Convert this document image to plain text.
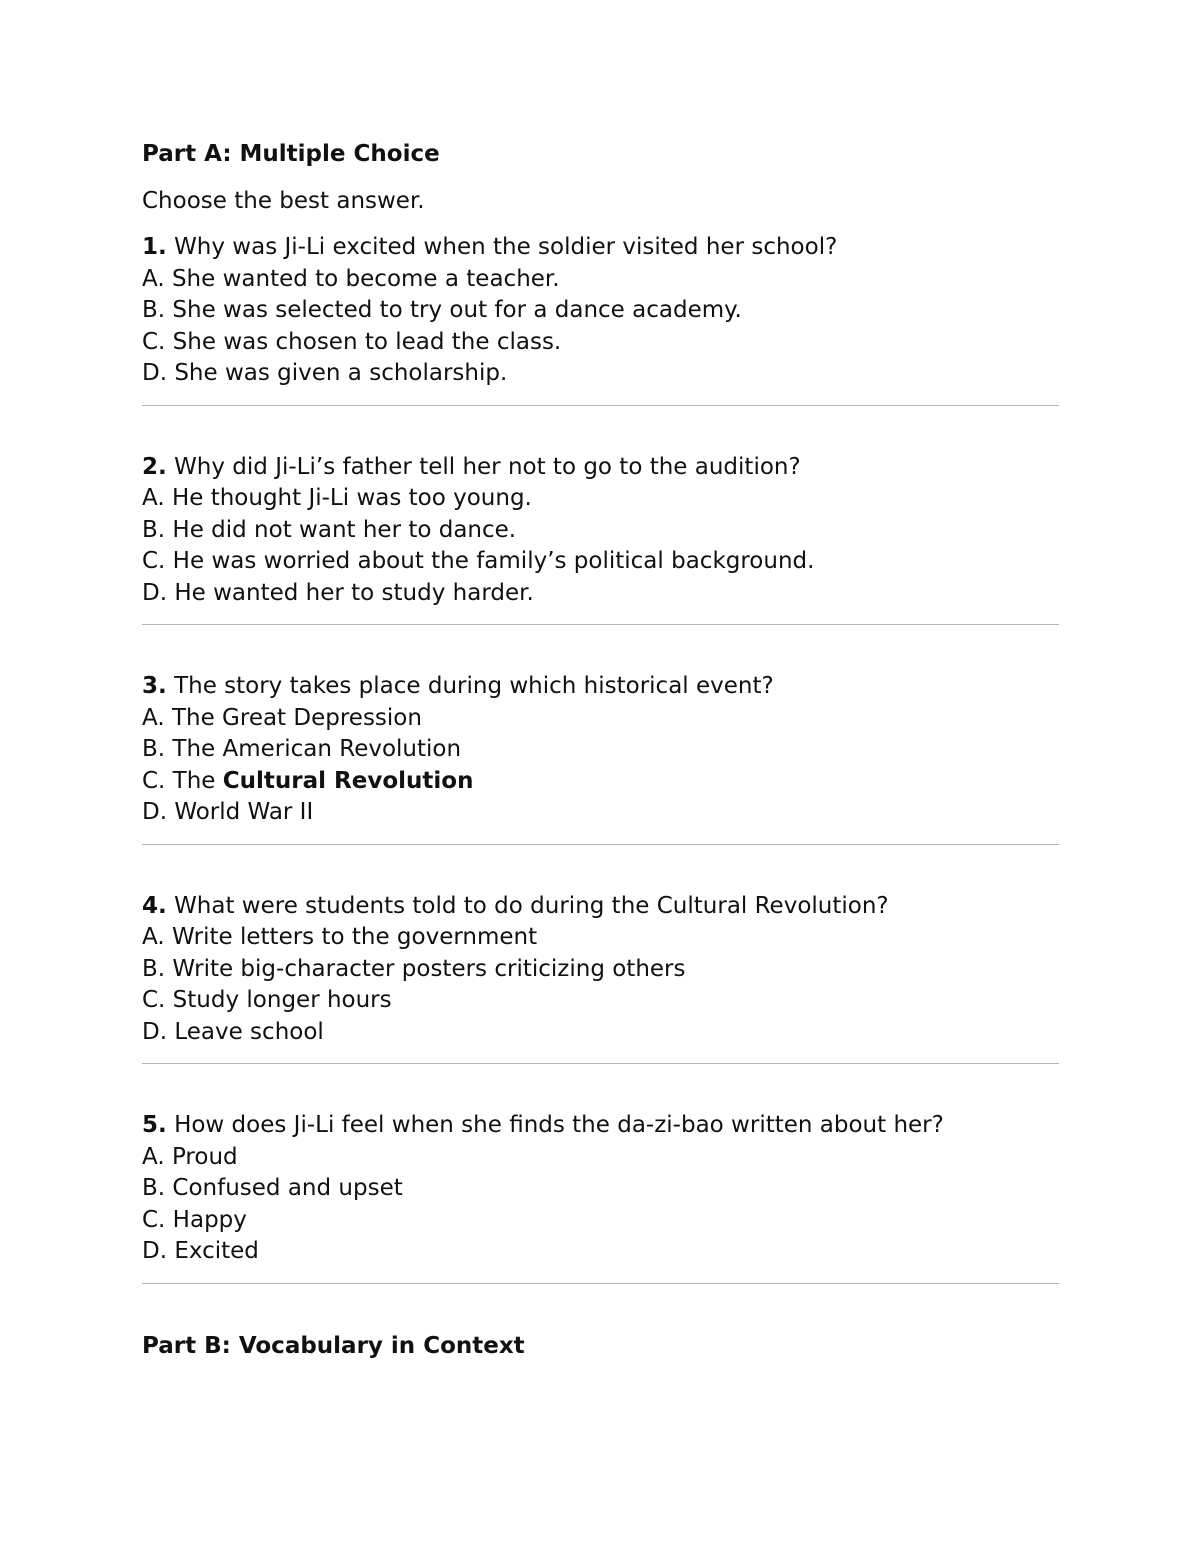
Part A: Multiple Choice

Choose the best answer.

1. Why was Ji-Li excited when the soldier visited her school?

A. She wanted to become a teacher.

B. She was selected to try out for a dance academy.

C. She was chosen to lead the class.

D. She was given a scholarship.

2. Why did Ji-Li’s father tell her not to go to the audition?

A. He thought Ji-Li was too young.

B. He did not want her to dance.

C. He was worried about the family’s political background.

D. He wanted her to study harder.

3. The story takes place during which historical event?

A. The Great Depression

B. The American Revolution

C. The Cultural Revolution

D. World War II

4. What were students told to do during the Cultural Revolution?

A. Write letters to the government

B. Write big-character posters criticizing others

C. Study longer hours

D. Leave school

5. How does Ji-Li feel when she finds the da-zi-bao written about her?

A. Proud

B. Confused and upset

C. Happy

D. Excited

Part B: Vocabulary in Context
